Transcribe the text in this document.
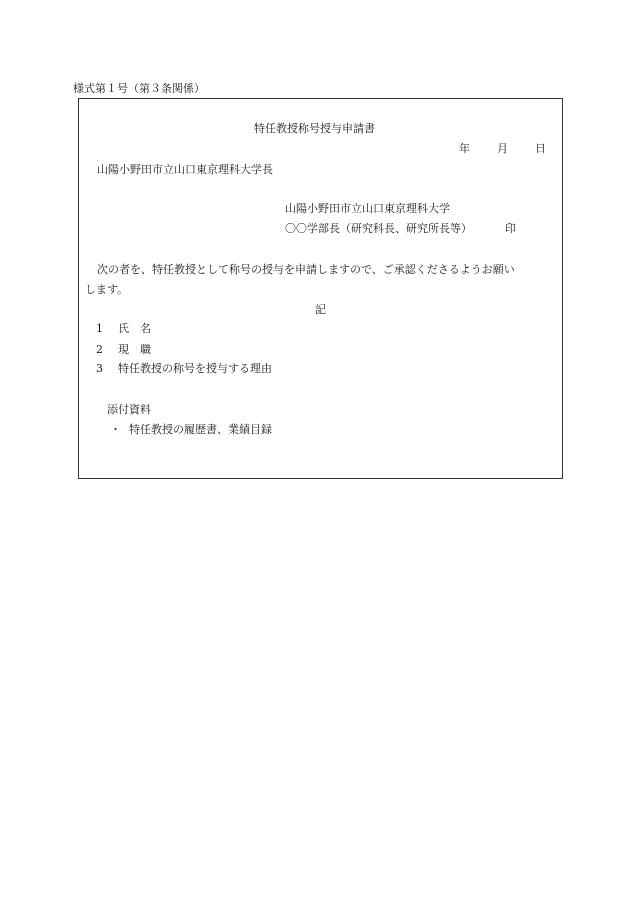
様式第１号（第３条関係）
特任教授称号授与申請書
年 月 日
山陽小野田市立山口東京理科大学長
山陽小野田市立山口東京理科大学
〇〇学部長（研究科長、研究所長等）	印
次の者を、特任教授として称号の授与を申請しますので、ご承認くださるようお願い
します。
記
1 氏　名
2 現　職
3 特任教授の称号を授与する理由
添付資料
・ 特任教授の履歴書、業績目録
